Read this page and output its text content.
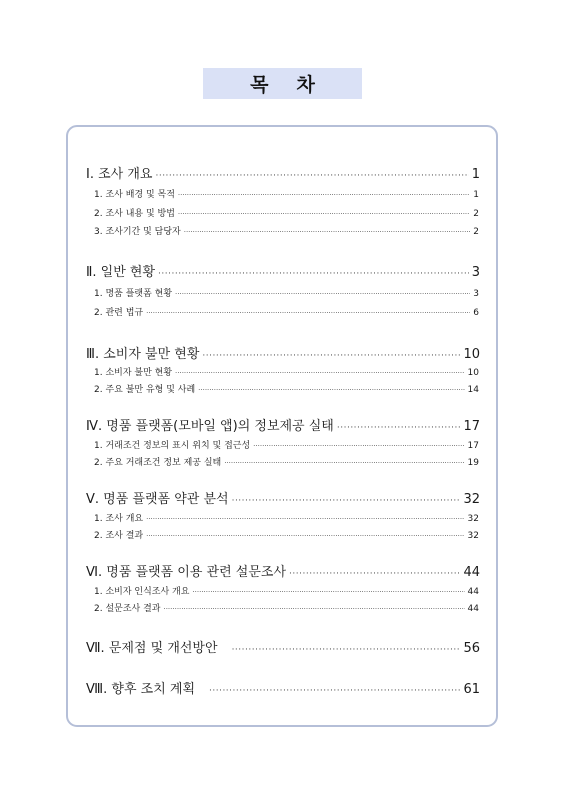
목차
Ⅰ. 조사 개요 ·····	1
1. 조사 배경 및 목적 ·····	1
2. 조사 내용 및 방법 ·····	2
3. 조사기간 및 담당자 ·····	2
Ⅱ. 일반 현황 ·····	3
1. 명품 플랫폼 현황 ·····	3
2. 관련 법규 ·····	6
Ⅲ. 소비자 불만 현황 ·····	10
1. 소비자 불만 현황 ·····	10
2. 주요 불만 유형 및 사례 ·····	14
Ⅳ. 명품 플랫폼(모바일 앱)의 정보제공 실태 ·····	17
1. 거래조건 정보의 표시 위치 및 접근성 ·····	17
2. 주요 거래조건 정보 제공 실태 ·····	19
Ⅴ. 명품 플랫폼 약관 분석 ·····	32
1. 조사 개요 ·····	32
2. 조사 결과 ·····	32
Ⅵ. 명품 플랫폼 이용 관련 설문조사 ·····	44
1. 소비자 인식조사 개요 ·····	44
2. 설문조사 결과 ·····	44
Ⅶ. 문제점 및 개선방안 ·····	56
Ⅷ. 향후 조치 계획 ·····	61
